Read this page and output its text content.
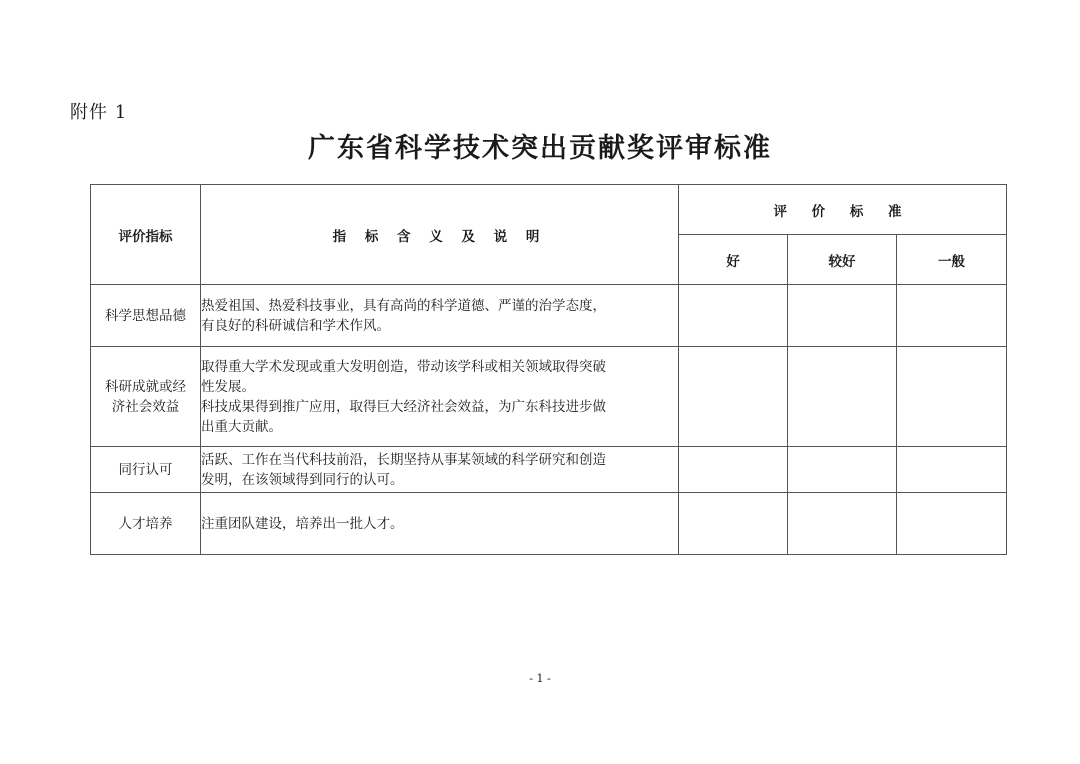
附件 1
广东省科学技术突出贡献奖评审标准
评价指标	指 标 含 义 及 说 明	评 价 标 准		
		好	较好	一般
科学思想品德	热爱祖国、热爱科技事业，具有高尚的科学道德、严谨的治学态度，
有良好的科研诚信和学术作风。			

科研成就或经
济社会效益	取得重大学术发现或重大发明创造，带动该学科或相关领域取得突破
性发展。
科技成果得到推广应用，取得巨大经济社会效益，为广东科技进步做
出重大贡献。			

同行认可	活跃、工作在当代科技前沿，长期坚持从事某领域的科学研究和创造
发明，在该领域得到同行的认可。			

人才培养	注重团队建设，培养出一批人才。			

- 1 -
